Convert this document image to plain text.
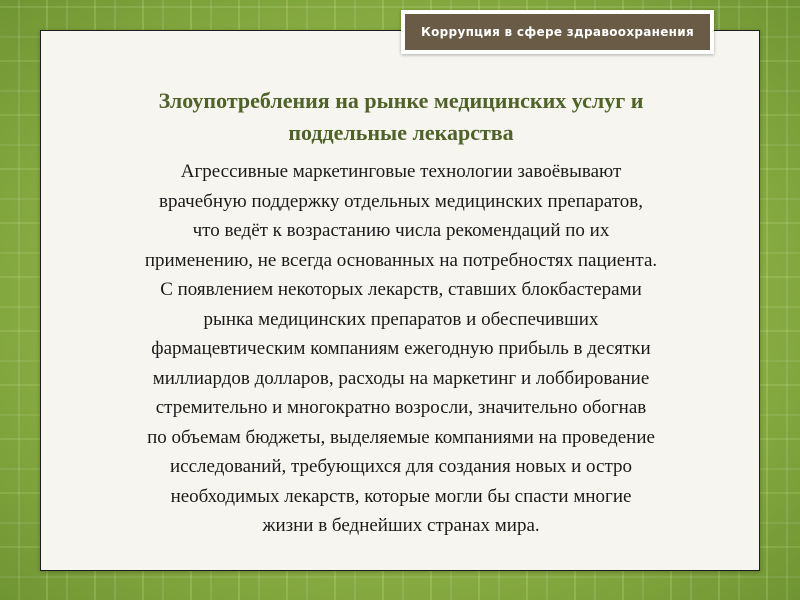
Злоупотребления на рынке медицинских услуг и
поддельные лекарства

Агрессивные маркетинговые технологии завоёвывают
врачебную поддержку отдельных медицинских препаратов,
что ведёт к возрастанию числа рекомендаций по их
применению, не всегда основанных на потребностях пациента.
С появлением некоторых лекарств, ставших блокбастерами
рынка медицинских препаратов и обеспечивших
фармацевтическим компаниям ежегодную прибыль в десятки
миллиардов долларов, расходы на маркетинг и лоббирование
стремительно и многократно возросли, значительно обогнав
по объемам бюджеты, выделяемые компаниями на проведение
исследований, требующихся для создания новых и остро
необходимых лекарств, которые могли бы спасти многие
жизни в беднейших странах мира.

Коррупция в сфере здравоохранения
